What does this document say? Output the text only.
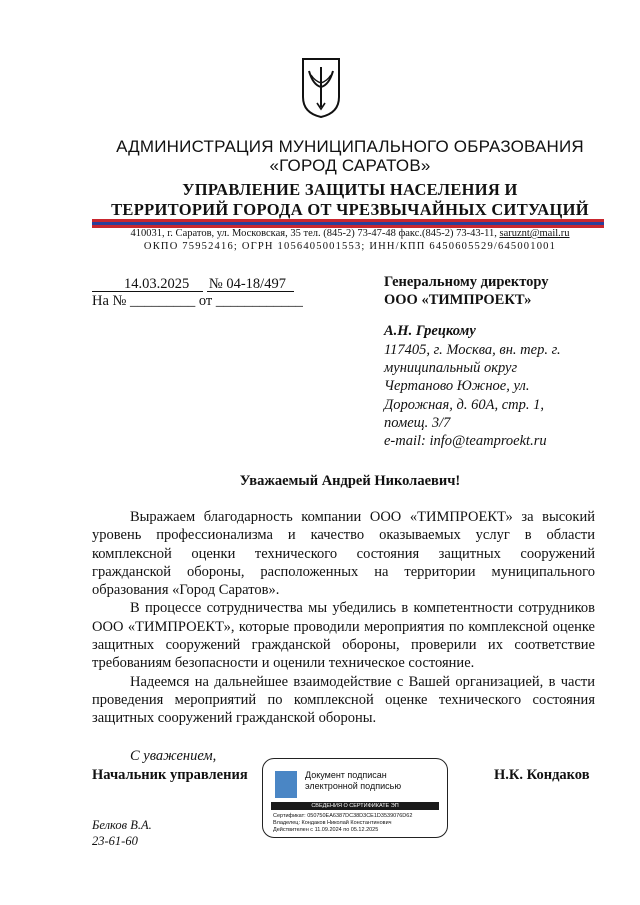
АДМИНИСТРАЦИЯ МУНИЦИПАЛЬНОГО ОБРАЗОВАНИЯ
«ГОРОД САРАТОВ»
УПРАВЛЕНИЕ ЗАЩИТЫ НАСЕЛЕНИЯ И
ТЕРРИТОРИЙ ГОРОДА ОТ ЧРЕЗВЫЧАЙНЫХ СИТУАЦИЙ
410031, г. Саратов, ул. Московская, 35 тел. (845-2) 73-47-48 факс.(845-2) 73-43-11, saruznt@mail.ru
ОКПО 75952416; ОГРН 1056405001553; ИНН/КПП 6450605529/645001001
14.03.2025 № 04-18/497
На № _________ от ____________
Генеральному директору
ООО «ТИМПРОЕКТ»
А.Н. Грецкому
117405, г. Москва, вн. тер. г.
муниципальный округ
Чертаново Южное, ул.
Дорожная, д. 60А, стр. 1,
помещ. 3/7
e-mail: info@teamproekt.ru
Уважаемый Андрей Николаевич!

Выражаем благодарность компании ООО «ТИМПРОЕКТ» за высокий уровень профессионализма и качество оказываемых услуг в области комплексной оценки технического состояния защитных сооружений гражданской обороны, расположенных на территории муниципального образования «Город Саратов».

В процессе сотрудничества мы убедились в компетентности сотрудников ООО «ТИМПРОЕКТ», которые проводили мероприятия по комплексной оценке защитных сооружений гражданской обороны, проверили их соответствие требованиям безопасности и оценили техническое состояние.

Надеемся на дальнейшее взаимодействие с Вашей организацией, в части проведения мероприятий по комплексной оценке технического состояния защитных сооружений гражданской обороны.

С уважением,
Начальник управления	Н.К. Кондаков
Документ подписан
электронной подписью
СВЕДЕНИЯ О СЕРТИФИКАТЕ ЭП
Сертификат: 050750EA6387DC38D3CE1D3539076D62
Владелец: Кондаков Николай Константинович
Действителен с 11.09.2024 по 05.12.2025
Белков В.А.
23-61-60
